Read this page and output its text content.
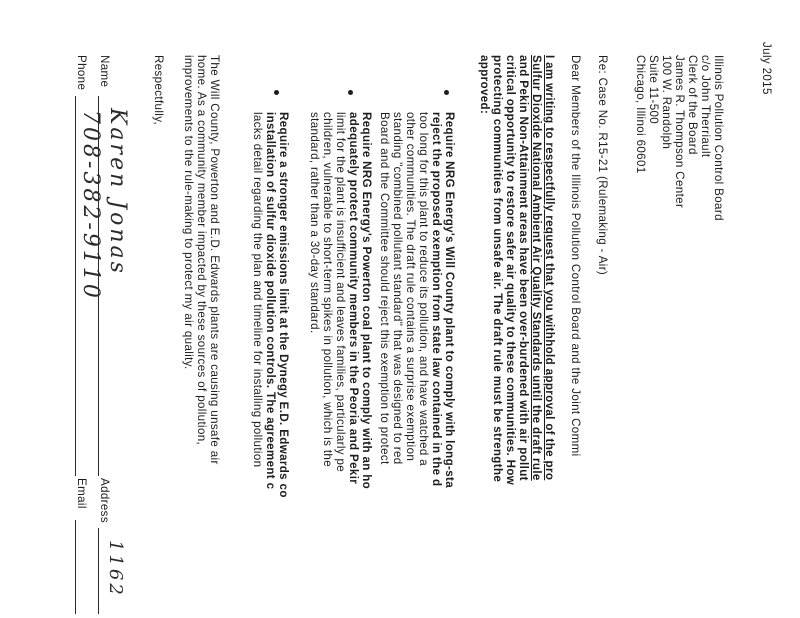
July 2015
Illinois Pollution Control Board
c/o John Therriault
Clerk of the Board
James R. Thompson Center
100 W. Randolph
Suite 11-500
Chicago, Illinoi 60601
Re: Case No. R15-21 (Rulemaking - Air)
Dear Members of the Illinois Pollution Control Board and the Joint Commi
I am writing to respectfully request that you withhold approval of the pro
Sulfur Dioxide National Ambient Air Quality Standards until the draft rule
and Pekin Non-Attainment areas have been over-burdened with air pollut
critical opportunity to restore safer air quality to these communities. How
protecting communities from unsafe air. The draft rule must be strengthe
approved:
Require NRG Energy's Will County plant to comply with long-sta
reject the proposed exemption from state law contained in the d
too long for this plant to reduce its pollution, and have watched a
other communities. The draft rule contains a surprise exemption
standing "combined pollutant standard" that was designed to red
Board and the Committee should reject this exemption to protect
Require NRG Energy's Powerton coal plant to comply with an ho
adequately protect community members in the Peoria and Pekir
limit for the plant is insufficient and leaves families, particularly pe
children, vulnerable to short-term spikes in pollution, which is the
standard, rather than a 30-day standard.
Require a stronger emissions limit at the Dynegy E.D. Edwards co
installation of sulfur dioxide pollution controls. The agreement c
lacks detail regarding the plan and timeline for installing pollution
The Will County, Powerton and E.D. Edwards plants are causing unsafe air
home. As a community member impacted by these sources of pollution,
improvements to the rule-making to protect my air quality.
Respectfully,
Name
Karen Jonas
Address
1162
Phone
708-382-9110
Email
